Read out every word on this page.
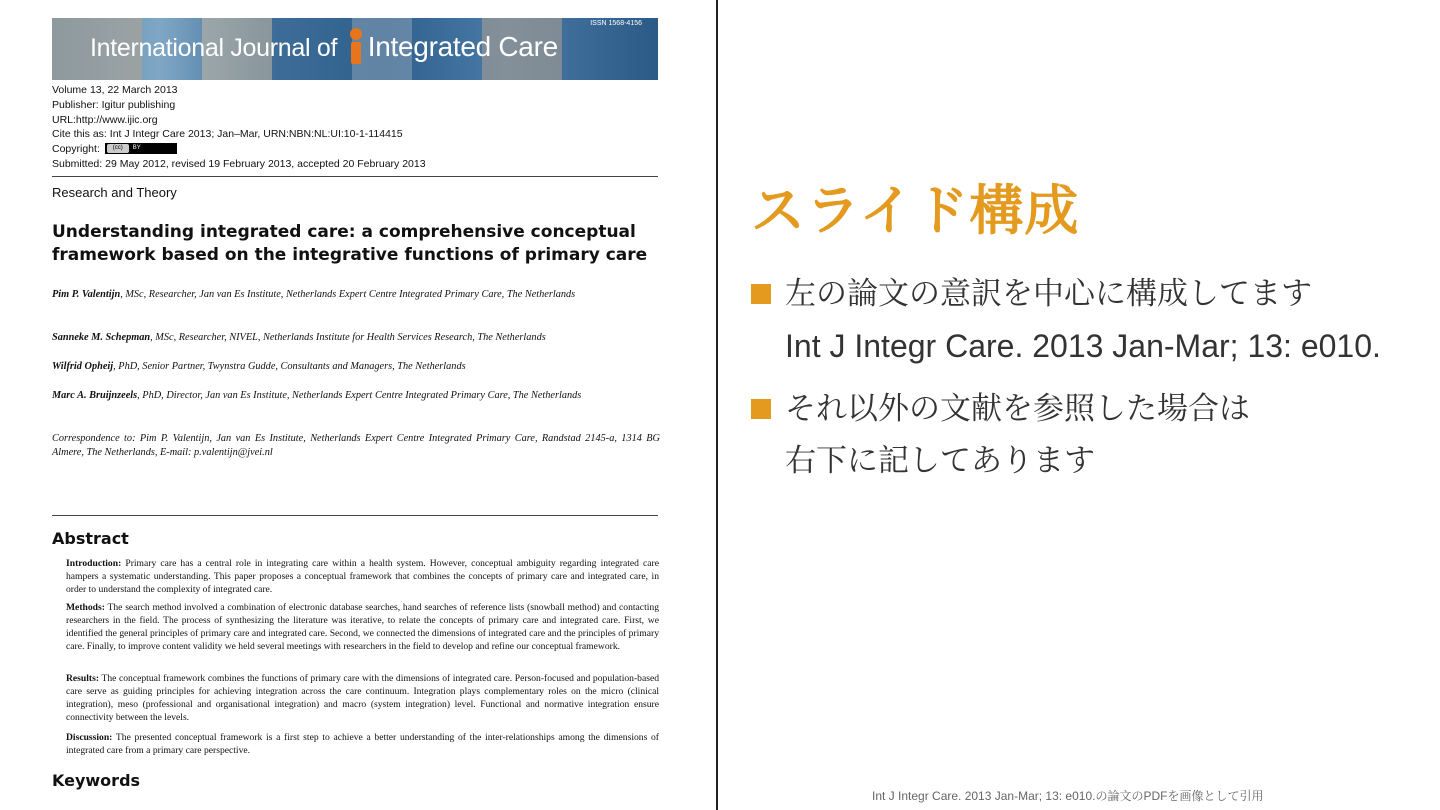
International Journal of Integrated Care
ISSN 1568-4156
Volume 13, 22 March 2013
Publisher: Igitur publishing
URL:http://www.ijic.org
Cite this as: Int J Integr Care 2013; Jan–Mar, URN:NBN:NL:UI:10-1-114415
Copyright:	(cc)	BY
Submitted: 29 May 2012, revised 19 February 2013, accepted 20 February 2013
Research and Theory
Understanding integrated care: a comprehensive conceptual framework based on the integrative functions of primary care
Pim P. Valentijn, MSc, Researcher, Jan van Es Institute, Netherlands Expert Centre Integrated Primary Care, The Netherlands
Sanneke M. Schepman, MSc, Researcher, NIVEL, Netherlands Institute for Health Services Research, The Netherlands
Wilfrid Opheij, PhD, Senior Partner, Twynstra Gudde, Consultants and Managers, The Netherlands
Marc A. Bruijnzeels, PhD, Director, Jan van Es Institute, Netherlands Expert Centre Integrated Primary Care, The Netherlands
Correspondence to: Pim P. Valentijn, Jan van Es Institute, Netherlands Expert Centre Integrated Primary Care, Randstad 2145-a, 1314 BG Almere, The Netherlands, E-mail: p.valentijn@jvei.nl
Abstract
Introduction: Primary care has a central role in integrating care within a health system. However, conceptual ambiguity regarding integrated care hampers a systematic understanding. This paper proposes a conceptual framework that combines the concepts of primary care and integrated care, in order to understand the complexity of integrated care.
Methods: The search method involved a combination of electronic database searches, hand searches of reference lists (snowball method) and contacting researchers in the field. The process of synthesizing the literature was iterative, to relate the concepts of primary care and integrated care. First, we identified the general principles of primary care and integrated care. Second, we connected the dimensions of integrated care and the principles of primary care. Finally, to improve content validity we held several meetings with researchers in the field to develop and refine our conceptual framework.
Results: The conceptual framework combines the functions of primary care with the dimensions of integrated care. Person-focused and population-based care serve as guiding principles for achieving integration across the care continuum. Integration plays complementary roles on the micro (clinical integration), meso (professional and organisational integration) and macro (system integration) level. Functional and normative integration ensure connectivity between the levels.
Discussion: The presented conceptual framework is a first step to achieve a better understanding of the inter-relationships among the dimensions of integrated care from a primary care perspective.
Keywords
スライド構成
左の論文の意訳を中心に構成してます
Int J Integr Care. 2013 Jan-Mar; 13: e010.
それ以外の文献を参照した場合は
右下に記してあります
Int J Integr Care. 2013 Jan-Mar; 13: e010.の論文のPDFを画像として引用
